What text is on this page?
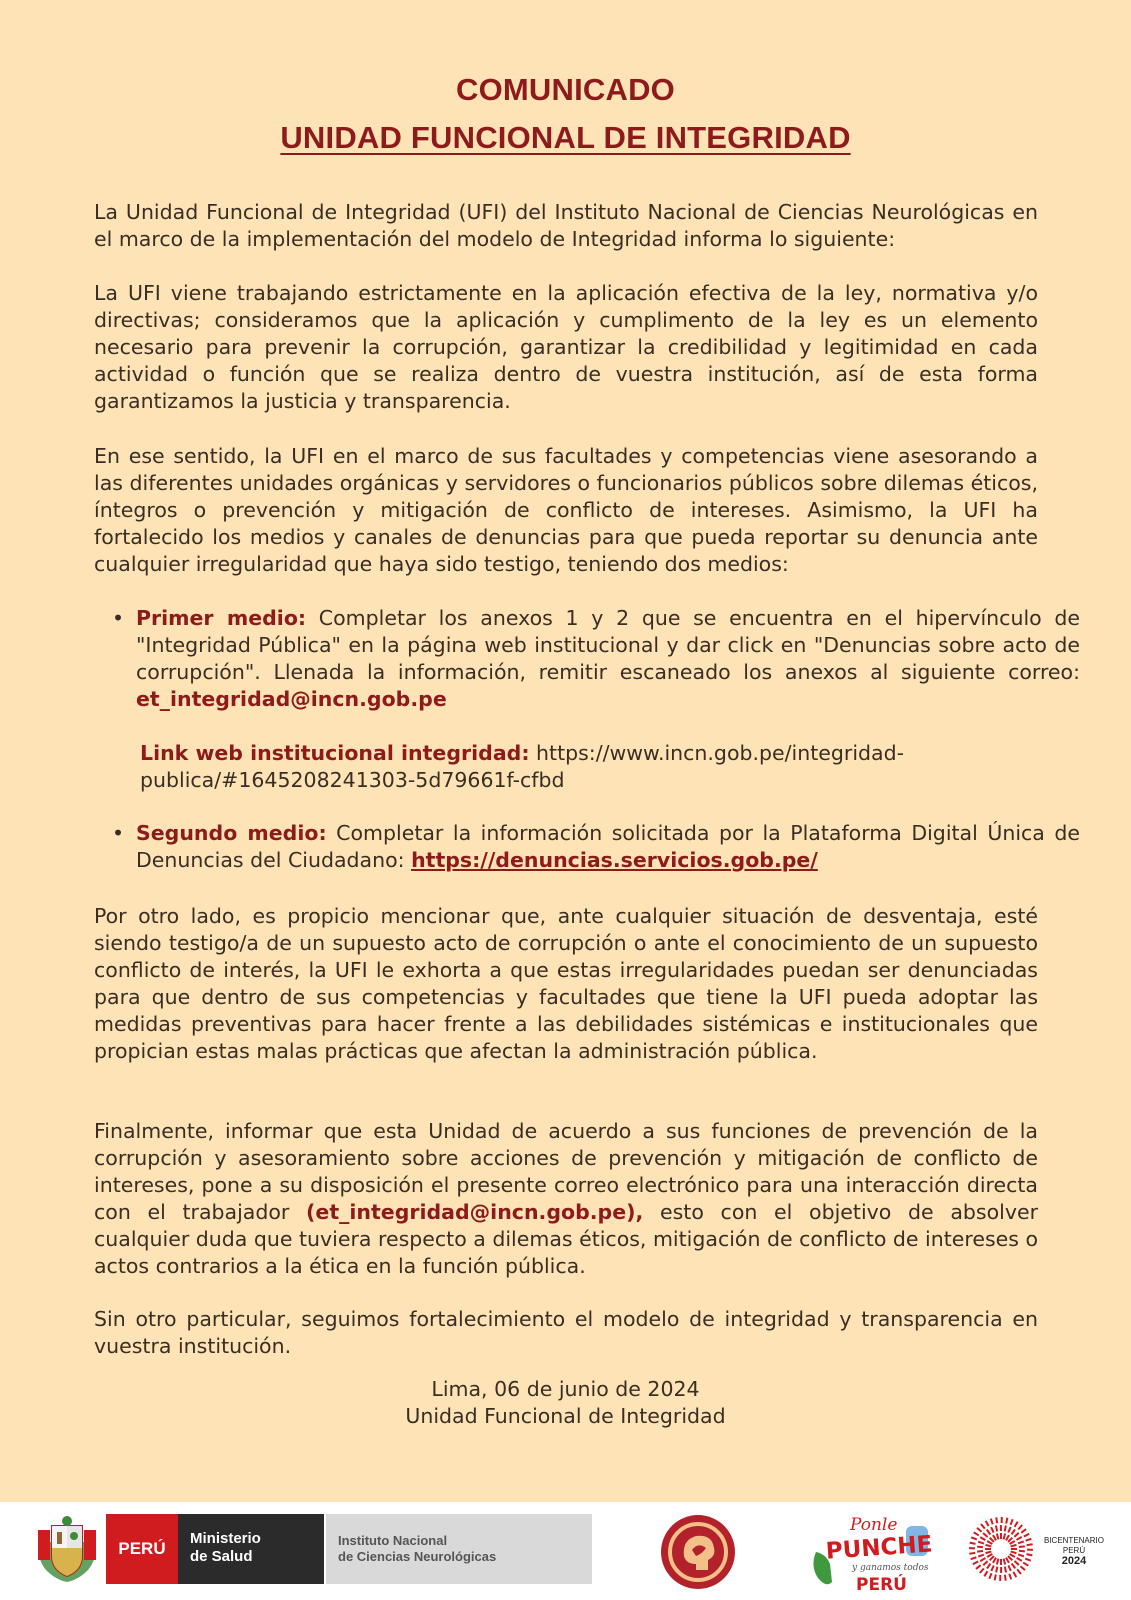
COMUNICADO
UNIDAD FUNCIONAL DE INTEGRIDAD
La Unidad Funcional de Integridad (UFI) del Instituto Nacional de Ciencias Neurológicas en el marco de la implementación del modelo de Integridad informa lo siguiente:
La UFI viene trabajando estrictamente en la aplicación efectiva de la ley, normativa y/o directivas; consideramos que la aplicación y cumplimento de la ley es un elemento necesario para prevenir la corrupción, garantizar la credibilidad y legitimidad en cada actividad o función que se realiza dentro de vuestra institución, así de esta forma garantizamos la justicia y transparencia.
En ese sentido, la UFI en el marco de sus facultades y competencias viene asesorando a las diferentes unidades orgánicas y servidores o funcionarios públicos sobre dilemas éticos, íntegros o prevención y mitigación de conflicto de intereses. Asimismo, la UFI ha fortalecido los medios y canales de denuncias para que pueda reportar su denuncia ante cualquier irregularidad que haya sido testigo, teniendo dos medios:
• Primer medio: Completar los anexos 1 y 2 que se encuentra en el hipervínculo de "Integridad Pública" en la página web institucional y dar click en "Denuncias sobre acto de corrupción". Llenada la información, remitir escaneado los anexos al siguiente correo: et_integridad@incn.gob.pe
Link web institucional integridad: https://www.incn.gob.pe/integridad-publica/#1645208241303-5d79661f-cfbd
• Segundo medio: Completar la información solicitada por la Plataforma Digital Única de Denuncias del Ciudadano: https://denuncias.servicios.gob.pe/
Por otro lado, es propicio mencionar que, ante cualquier situación de desventaja, esté siendo testigo/a de un supuesto acto de corrupción o ante el conocimiento de un supuesto conflicto de interés, la UFI le exhorta a que estas irregularidades puedan ser denunciadas para que dentro de sus competencias y facultades que tiene la UFI pueda adoptar las medidas preventivas para hacer frente a las debilidades sistémicas e institucionales que propician estas malas prácticas que afectan la administración pública.
Finalmente, informar que esta Unidad de acuerdo a sus funciones de prevención de la corrupción y asesoramiento sobre acciones de prevención y mitigación de conflicto de intereses, pone a su disposición el presente correo electrónico para una interacción directa con el trabajador (et_integridad@incn.gob.pe), esto con el objetivo de absolver cualquier duda que tuviera respecto a dilemas éticos, mitigación de conflicto de intereses o actos contrarios a la ética en la función pública.
Sin otro particular, seguimos fortalecimiento el modelo de integridad y transparencia en vuestra institución.
Lima, 06 de junio de 2024
Unidad Funcional de Integridad
PERÚ
Ministerio
de Salud
Instituto Nacional
de Ciencias Neurológicas
Ponle
PUNCHE
y ganamos todos
PERÚ
BICENTENARIO
PERÚ
2024
